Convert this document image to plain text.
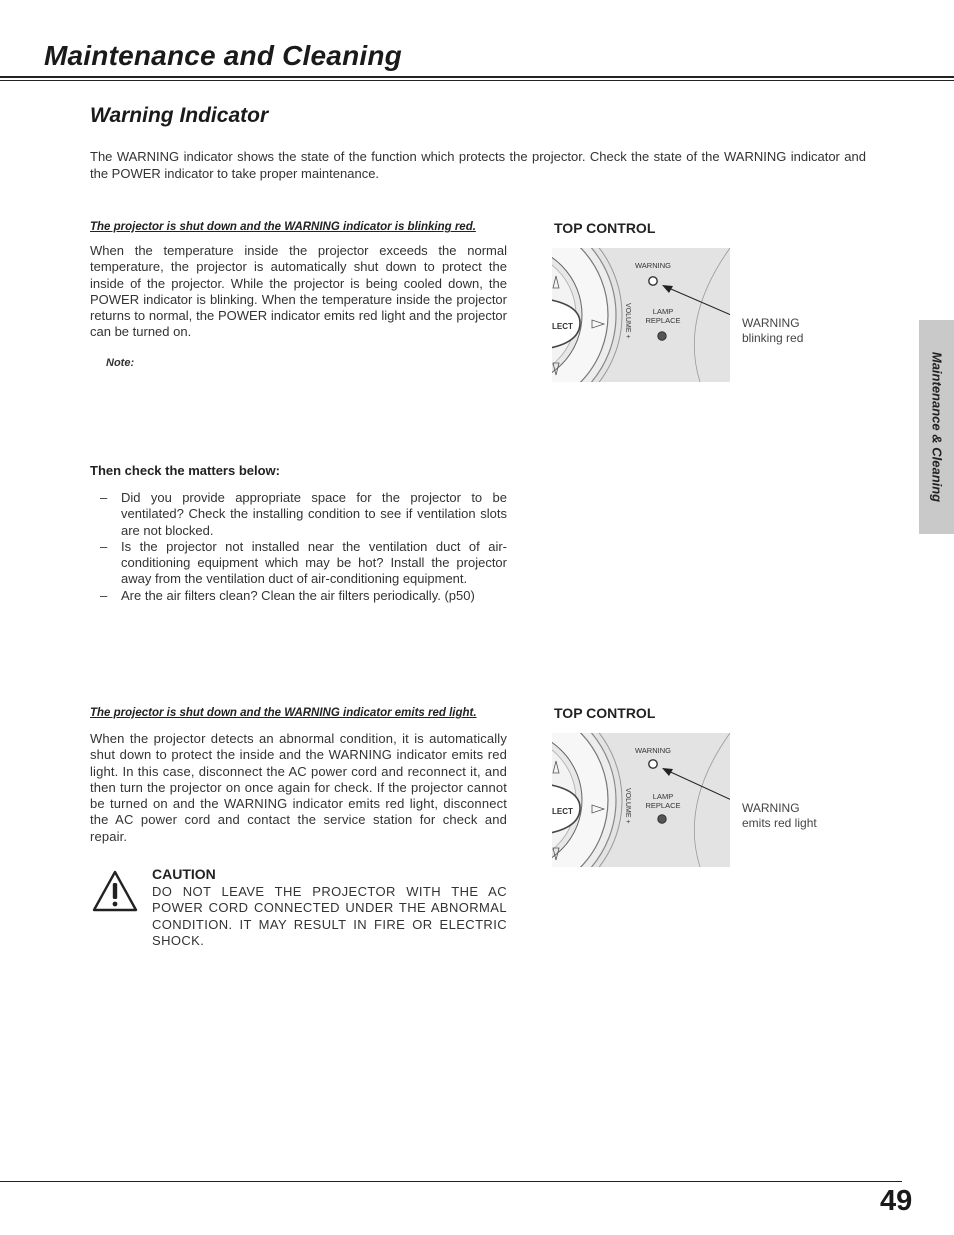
Maintenance and Cleaning
Warning Indicator
The WARNING indicator shows the state of the function which protects the projector. Check the state of the WARNING indicator and the POWER indicator to take proper maintenance.
The projector is shut down and the WARNING indicator is blinking red.
When the temperature inside the projector exceeds the normal temperature, the projector is automatically shut down to protect the inside of the projector. While the projector is being cooled down, the POWER indicator is blinking. When the temperature inside the projector returns to normal, the POWER indicator emits red light and the projector can be turned on.
Note:
Then check the matters below:
– Did you provide appropriate space for the projector to be ventilated? Check the installing condition to see if ventilation slots are not blocked.
– Is the projector not installed near the ventilation duct of air-conditioning equipment which may be hot? Install the projector away from the ventilation duct of air-conditioning equipment.
– Are the air filters clean? Clean the air filters periodically. (p50)
TOP CONTROL
LECT	VOLUME +
WARNING
LAMP
REPLACE	WARNING
blinking red
The projector is shut down and the WARNING indicator emits red light.
When the projector detects an abnormal condition, it is automatically shut down to protect the inside and the WARNING indicator emits red light. In this case, disconnect the AC power cord and reconnect it, and then turn the projector on once again for check. If the projector cannot be turned on and the WARNING indicator emits red light, disconnect the AC power cord and contact the service station for check and repair.
TOP CONTROL
LECT	VOLUME +
WARNING
LAMP
REPLACE	WARNING
emits red light
CAUTION
DO NOT LEAVE THE PROJECTOR WITH THE AC POWER CORD CONNECTED UNDER THE ABNORMAL CONDITION. IT MAY RESULT IN FIRE OR ELECTRIC SHOCK.
Maintenance & Cleaning
49
